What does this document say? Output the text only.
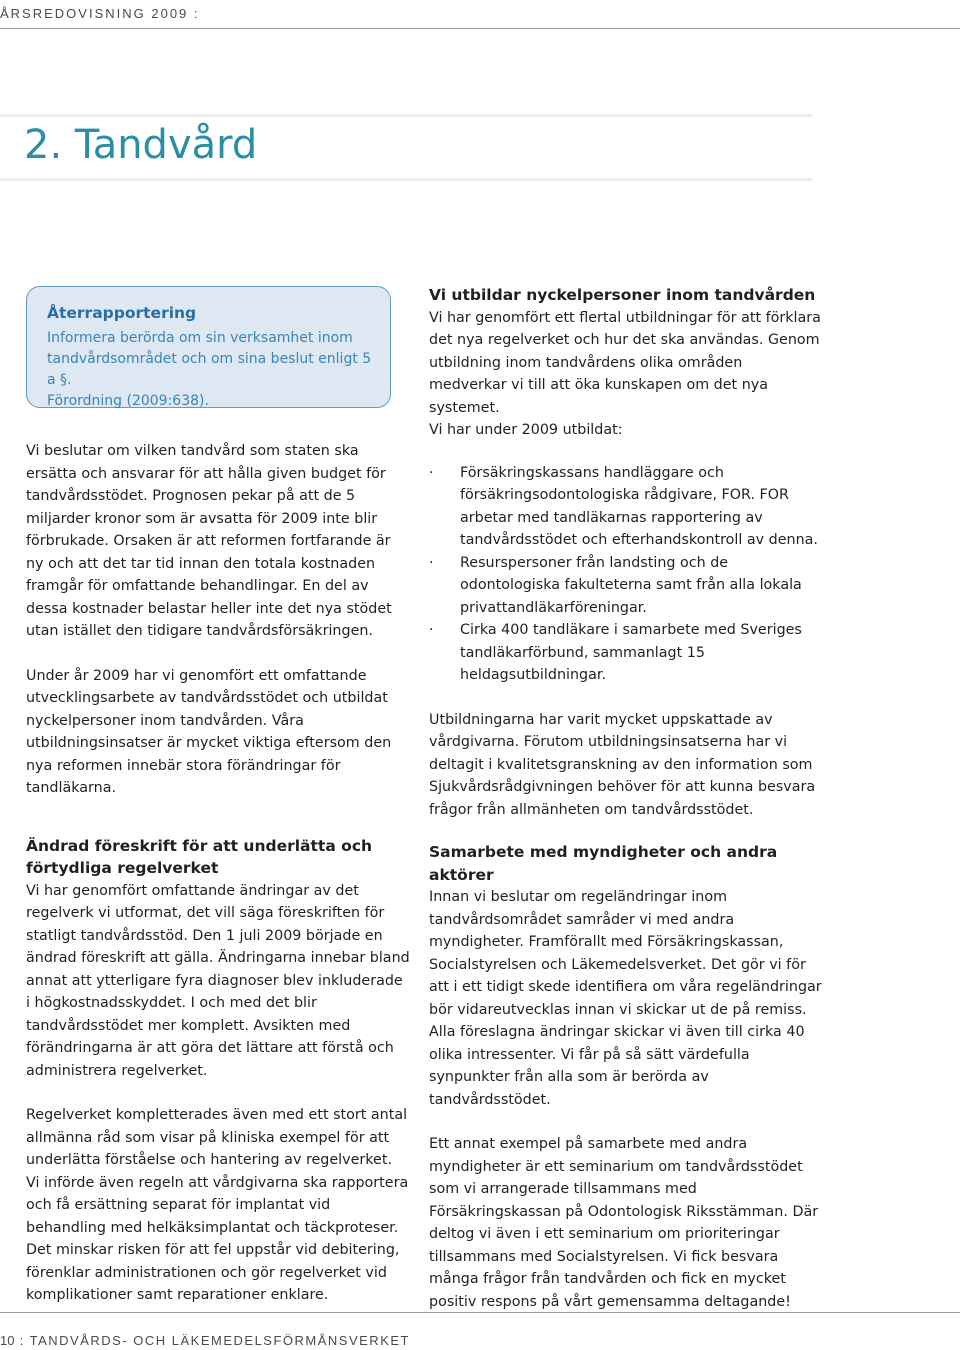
ÅRSREDOVISNING 2009 :
2. Tandvård

Återrapportering

Informera berörda om sin verksamhet inom

tandvårdsområdet och om sina beslut enligt 5 a §.

Förordning (2009:638).

Vi beslutar om vilken tandvård som staten ska ersätta och ansvarar för att hålla given budget för tandvårdsstödet. Prognosen pekar på att de 5 miljarder kronor som är avsatta för 2009 inte blir förbrukade. Orsaken är att reformen fortfarande är ny och att det tar tid innan den totala kostnaden framgår för omfattande behandlingar. En del av dessa kostnader belastar heller inte det nya stödet utan istället den tidigare tandvårdsförsäkringen.

Under år 2009 har vi genomfört ett omfattande utvecklingsarbete av tandvårdsstödet och utbildat nyckelpersoner inom tandvården. Våra utbildningsinsatser är mycket viktiga eftersom den nya reformen innebär stora förändringar för tandläkarna.

Ändrad föreskrift för att underlätta och förtydliga regelverket

Vi har genomfört omfattande ändringar av det regelverk vi utformat, det vill säga föreskriften för statligt tandvårdsstöd. Den 1 juli 2009 började en ändrad föreskrift att gälla. Ändringarna innebar bland annat att ytterligare fyra diagnoser blev inkluderade i högkostnadsskyddet. I och med det blir tandvårdsstödet mer komplett. Avsikten med förändringarna är att göra det lättare att förstå och administrera regelverket.

Regelverket kompletterades även med ett stort antal allmänna råd som visar på kliniska exempel för att underlätta förståelse och hantering av regelverket.

Vi införde även regeln att vårdgivarna ska rapportera och få ersättning separat för implantat vid behandling med helkäksimplantat och täckproteser. Det minskar risken för att fel uppstår vid debitering, förenklar administrationen och gör regelverket vid komplikationer samt reparationer enklare.

Vi utbildar nyckelpersoner inom tandvården

Vi har genomfört ett flertal utbildningar för att förklara det nya regelverket och hur det ska användas. Genom utbildning inom tandvårdens olika områden medverkar vi till att öka kunskapen om det nya systemet.

Vi har under 2009 utbildat:

· Försäkringskassans handläggare och försäkringsodontologiska rådgivare, FOR. FOR arbetar med tandläkarnas rapportering av tandvårdsstödet och efterhandskontroll av denna.
· Resurspersoner från landsting och de odontologiska fakulteterna samt från alla lokala privattandläkarföreningar.
· Cirka 400 tandläkare i samarbete med Sveriges tandläkarförbund, sammanlagt 15 heldagsutbildningar.

Utbildningarna har varit mycket uppskattade av vårdgivarna. Förutom utbildningsinsatserna har vi deltagit i kvalitetsgranskning av den information som Sjukvårdsrådgivningen behöver för att kunna besvara frågor från allmänheten om tandvårdsstödet.

Samarbete med myndigheter och andra aktörer

Innan vi beslutar om regeländringar inom tandvårdsområdet samråder vi med andra myndigheter. Framförallt med Försäkringskassan, Socialstyrelsen och Läkemedelsverket. Det gör vi för att i ett tidigt skede identifiera om våra regeländringar bör vidareutvecklas innan vi skickar ut de på remiss. Alla föreslagna ändringar skickar vi även till cirka 40 olika intressenter. Vi får på så sätt värdefulla synpunkter från alla som är berörda av tandvårdsstödet.

Ett annat exempel på samarbete med andra myndigheter är ett seminarium om tandvårdsstödet som vi arrangerade tillsammans med Försäkringskassan på Odontologisk Riksstämman. Där deltog vi även i ett seminarium om prioriteringar tillsammans med Socialstyrelsen. Vi fick besvara många frågor från tandvården och fick en mycket positiv respons på vårt gemensamma deltagande!

10 : TANDVÅRDS- OCH LÄKEMEDELSFÖRMÅNSVERKET
